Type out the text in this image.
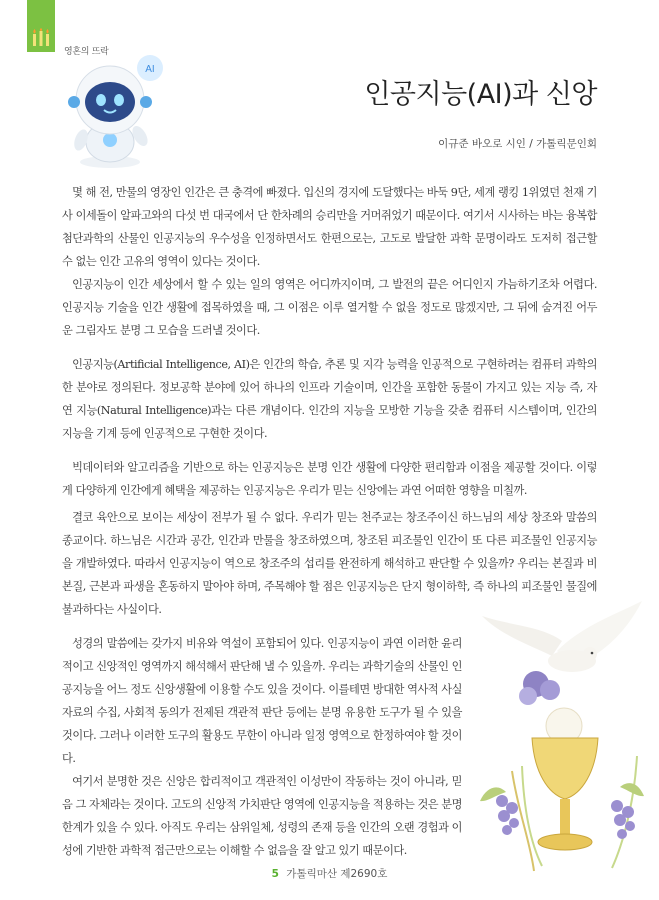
영혼의 뜨락
AI
인공지능(AI)과 신앙
이규준 바오로 시인 / 가톨릭문인회

몇 해 전, 만물의 영장인 인간은 큰 충격에 빠졌다. 입신의 경지에 도달했다는 바둑 9단, 세계 랭킹 1위였던 천재 기사 이세돌이 알파고와의 다섯 번 대국에서 단 한차례의 승리만을 거머쥐었기 때문이다. 여기서 시사하는 바는 융복합 첨단과학의 산물인 인공지능의 우수성을 인정하면서도 한편으로는, 고도로 발달한 과학 문명이라도 도저히 접근할 수 없는 인간 고유의 영역이 있다는 것이다.

인공지능이 인간 세상에서 할 수 있는 일의 영역은 어디까지이며, 그 발전의 끝은 어디인지 가늠하기조차 어렵다. 인공지능 기술을 인간 생활에 접목하였을 때, 그 이점은 이루 열거할 수 없을 정도로 많겠지만, 그 뒤에 숨겨진 어두운 그림자도 분명 그 모습을 드러낼 것이다.

인공지능(Artificial Intelligence, AI)은 인간의 학습, 추론 및 지각 능력을 인공적으로 구현하려는 컴퓨터 과학의 한 분야로 정의된다. 정보공학 분야에 있어 하나의 인프라 기술이며, 인간을 포함한 동물이 가지고 있는 지능 즉, 자연 지능(Natural Intelligence)과는 다른 개념이다. 인간의 지능을 모방한 기능을 갖춘 컴퓨터 시스템이며, 인간의 지능을 기계 등에 인공적으로 구현한 것이다.

빅데이터와 알고리즘을 기반으로 하는 인공지능은 분명 인간 생활에 다양한 편리함과 이점을 제공할 것이다. 이렇게 다양하게 인간에게 혜택을 제공하는 인공지능은 우리가 믿는 신앙에는 과연 어떠한 영향을 미칠까.

결코 육안으로 보이는 세상이 전부가 될 수 없다. 우리가 믿는 천주교는 창조주이신 하느님의 세상 창조와 말씀의 종교이다. 하느님은 시간과 공간, 인간과 만물을 창조하였으며, 창조된 피조물인 인간이 또 다른 피조물인 인공지능을 개발하였다. 따라서 인공지능이 역으로 창조주의 섭리를 완전하게 해석하고 판단할 수 있을까? 우리는 본질과 비본질, 근본과 파생을 혼동하지 말아야 하며, 주목해야 할 점은 인공지능은 단지 형이하학, 즉 하나의 피조물인 물질에 불과하다는 사실이다.

성경의 말씀에는 갖가지 비유와 역설이 포함되어 있다. 인공지능이 과연 이러한 윤리적이고 신앙적인 영역까지 해석해서 판단해 낼 수 있을까. 우리는 과학기술의 산물인 인공지능을 어느 정도 신앙생활에 이용할 수도 있을 것이다. 이를테면 방대한 역사적 사실 자료의 수집, 사회적 동의가 전제된 객관적 판단 등에는 분명 유용한 도구가 될 수 있을 것이다. 그러나 이러한 도구의 활용도 무한이 아니라 일정 영역으로 한정하여야 할 것이다.

여기서 분명한 것은 신앙은 합리적이고 객관적인 이성만이 작동하는 것이 아니라, 믿음 그 자체라는 것이다. 고도의 신앙적 가치판단 영역에 인공지능을 적용하는 것은 분명 한계가 있을 수 있다. 아직도 우리는 삼위일체, 성령의 존재 등을 인간의 오랜 경험과 이성에 기반한 과학적 접근만으로는 이해할 수 없음을 잘 알고 있기 때문이다.

5 가톨릭마산 제2690호
